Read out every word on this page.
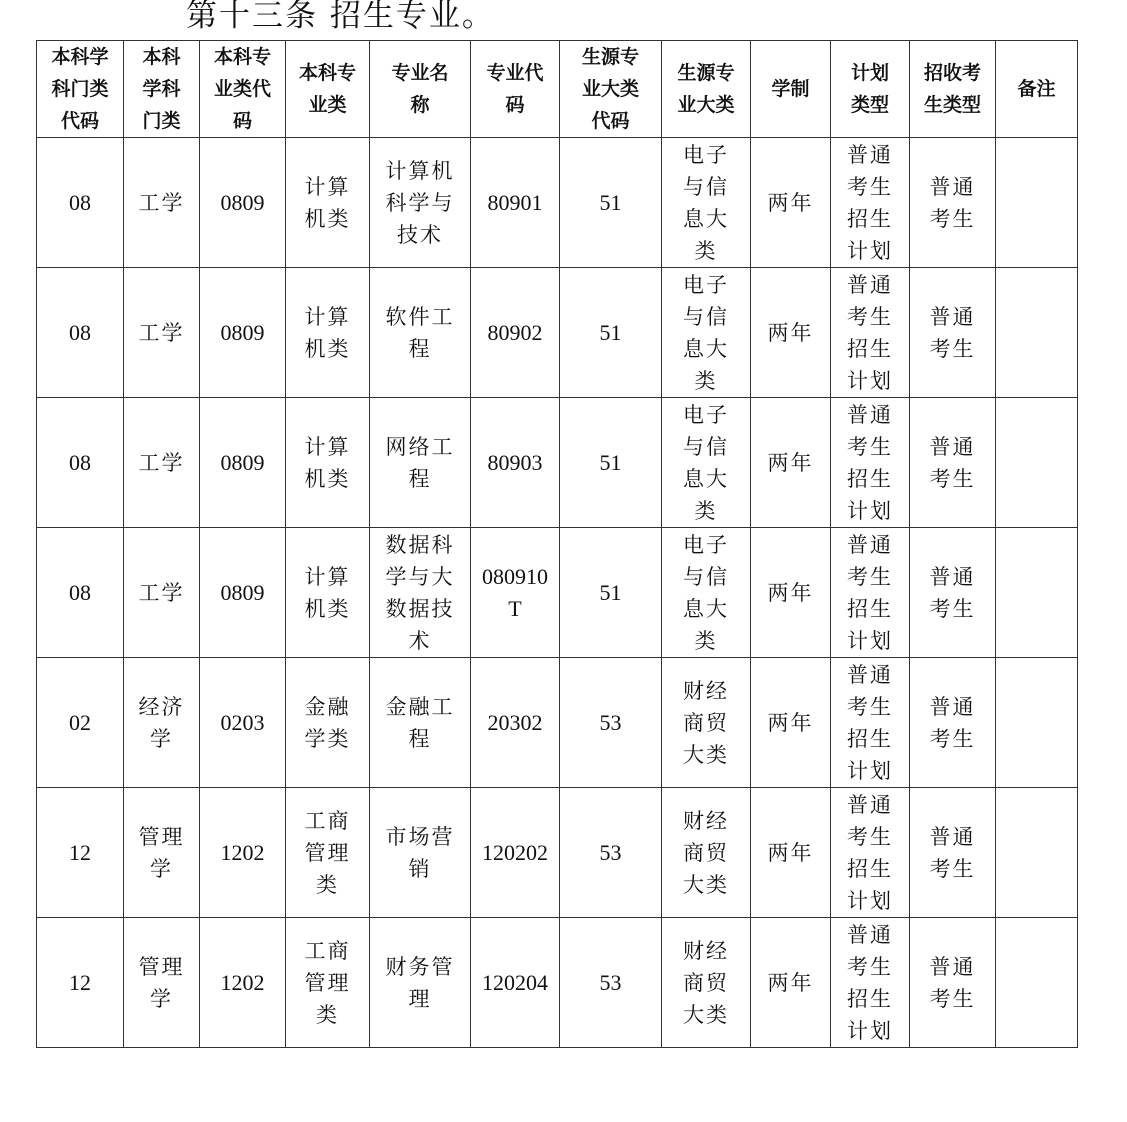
第十三条 招生专业。
本科学科门类代码	本科学科门类	本科专业类代码	本科专业类	专业名称	专业代码	生源专业大类代码	生源专业大类	学制	计划类型	招收考生类型	备注
08	工学	0809	计算机类	计算机科学与技术	80901	51	电子与信息大类	两年	普通考生招生计划	普通考生	
08	工学	0809	计算机类	软件工程	80902	51	电子与信息大类	两年	普通考生招生计划	普通考生	
08	工学	0809	计算机类	网络工程	80903	51	电子与信息大类	两年	普通考生招生计划	普通考生	
08	工学	0809	计算机类	数据科学与大数据技术	080910T	51	电子与信息大类	两年	普通考生招生计划	普通考生	
02	经济学	0203	金融学类	金融工程	20302	53	财经商贸大类	两年	普通考生招生计划	普通考生	
12	管理学	1202	工商管理类	市场营销	120202	53	财经商贸大类	两年	普通考生招生计划	普通考生	
12	管理学	1202	工商管理类	财务管理	120204	53	财经商贸大类	两年	普通考生招生计划	普通考生	
